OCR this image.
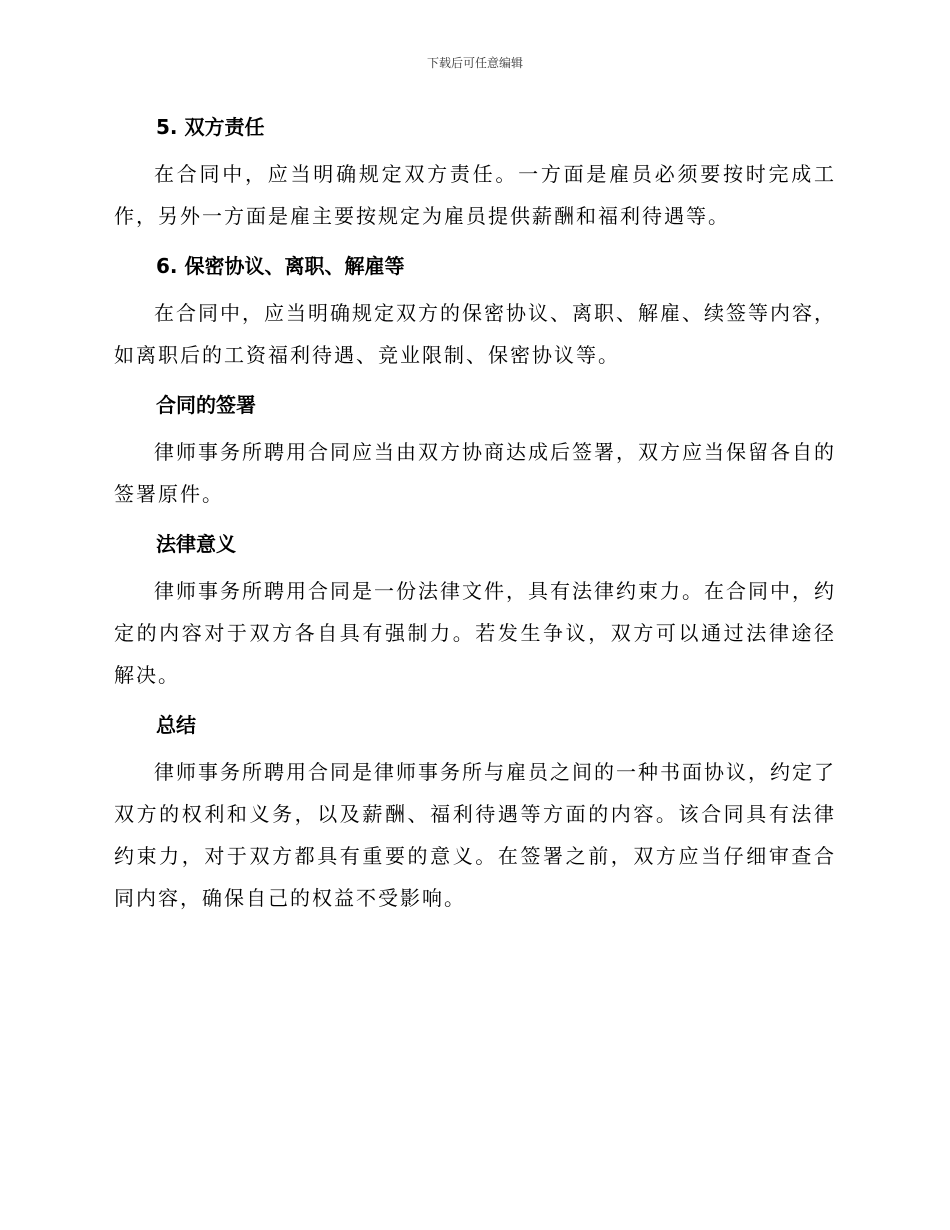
下载后可任意编辑
5. 双方责任

在合同中，应当明确规定双方责任。一方面是雇员必须要按时完成工作，另外一方面是雇主要按规定为雇员提供薪酬和福利待遇等。

6. 保密协议、离职、解雇等

在合同中，应当明确规定双方的保密协议、离职、解雇、续签等内容，如离职后的工资福利待遇、竞业限制、保密协议等。

合同的签署

律师事务所聘用合同应当由双方协商达成后签署，双方应当保留各自的签署原件。

法律意义

律师事务所聘用合同是一份法律文件，具有法律约束力。在合同中，约定的内容对于双方各自具有强制力。若发生争议，双方可以通过法律途径解决。

总结

律师事务所聘用合同是律师事务所与雇员之间的一种书面协议，约定了双方的权利和义务，以及薪酬、福利待遇等方面的内容。该合同具有法律约束力，对于双方都具有重要的意义。在签署之前，双方应当仔细审查合同内容，确保自己的权益不受影响。
